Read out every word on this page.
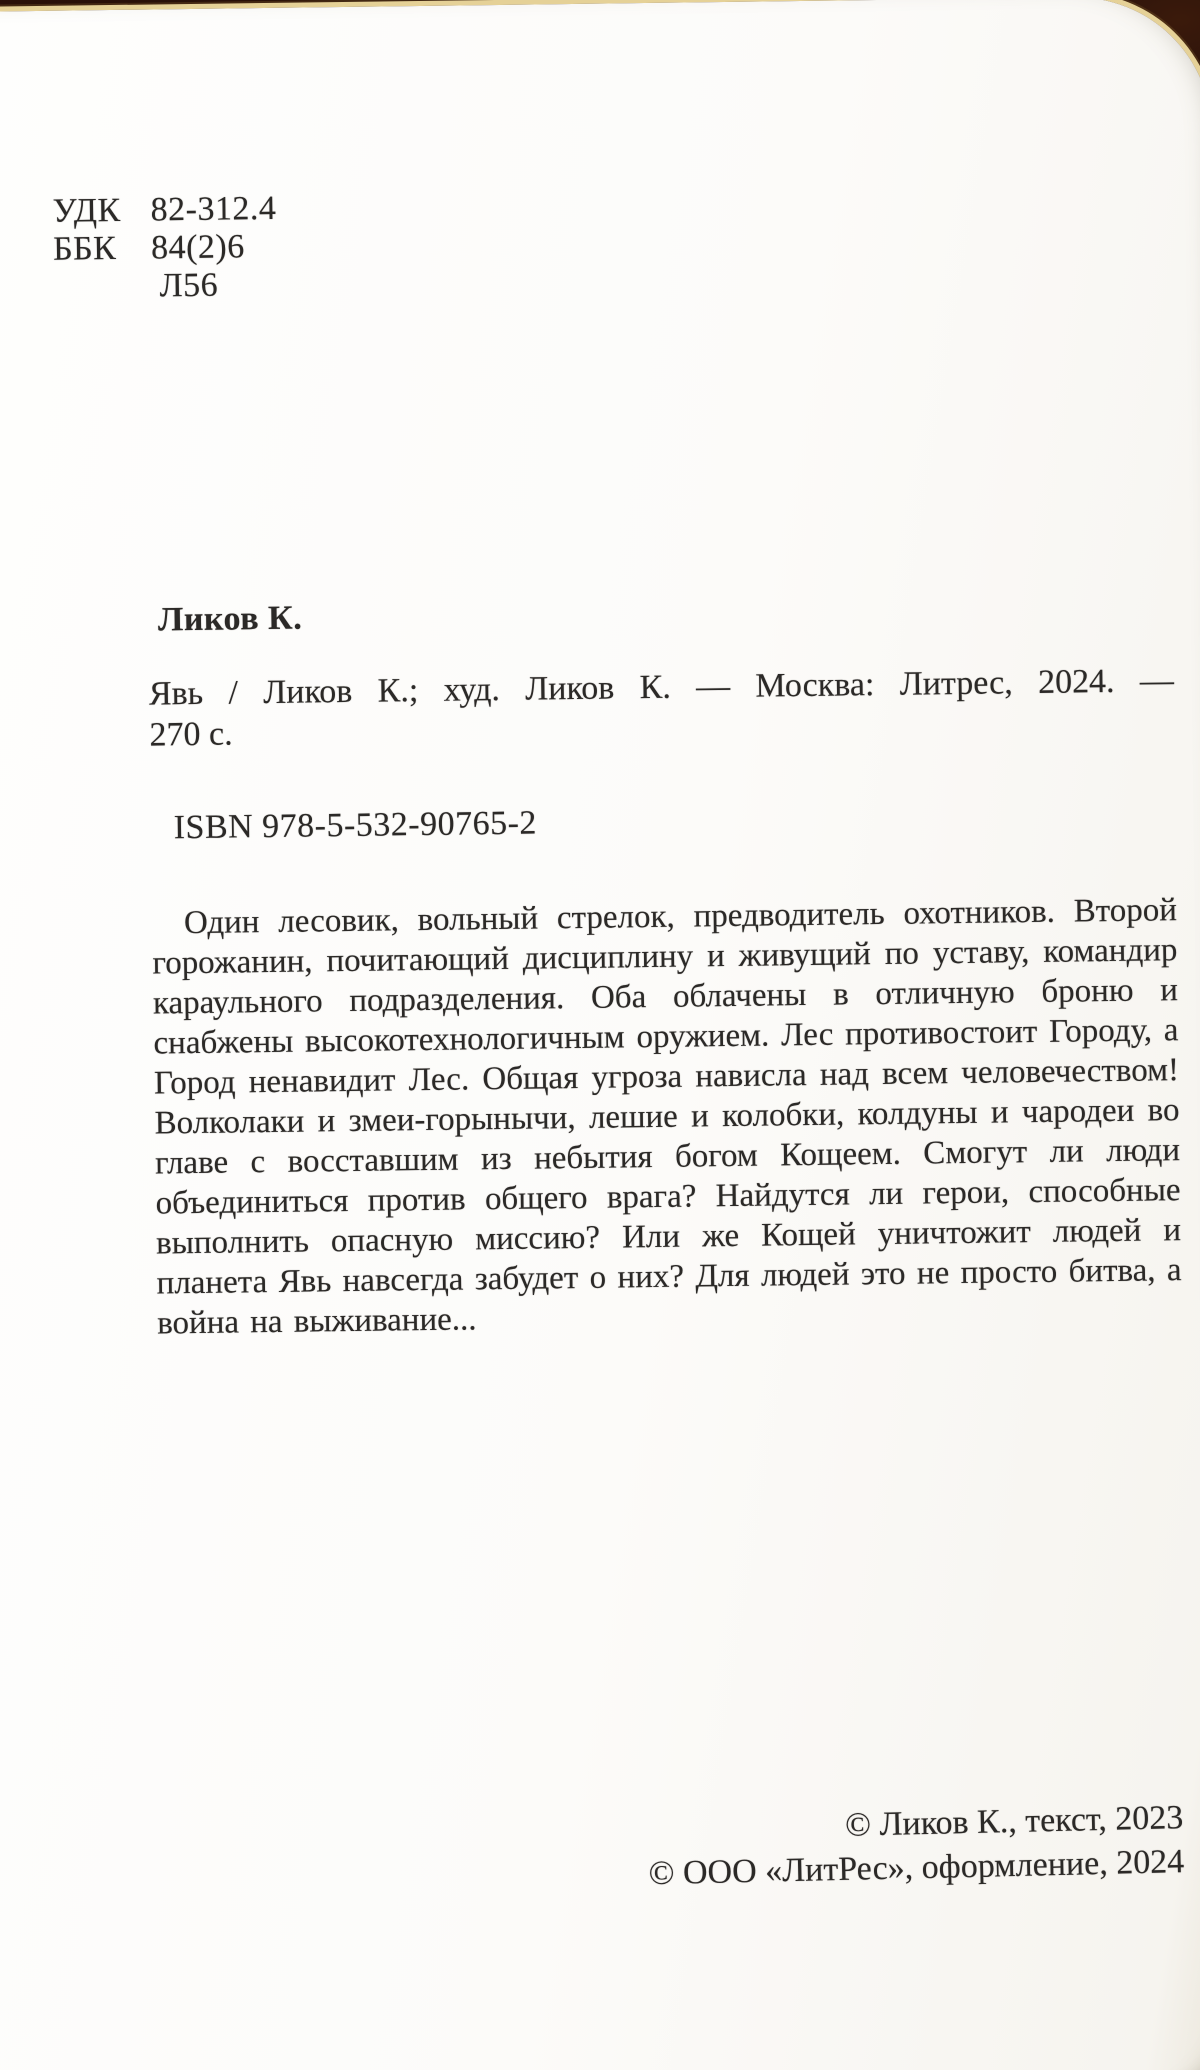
УДК 82-312.4
ББК	84(2)6
Л56
Ликов К.
Явь / Ликов К.; худ. Ликов К. — Москва: Литрес, 2024. —
270 с.
ISBN 978-5-532-90765-2

Один лесовик, вольный стрелок, предводитель охотников. Второй горожанин, почитающий дисциплину и живущий по уставу, командир караульного подразделения. Оба облачены в отличную броню и снабжены высокотехнологичным оружием. Лес противостоит Городу, а Город ненавидит Лес. Общая угроза нависла над всем человечеством! Волколаки и змеи-горынычи, лешие и колобки, колдуны и чародеи во главе с восставшим из небытия богом Кощеем. Смогут ли люди объединиться против общего врага? Найдутся ли герои, способные выполнить опасную миссию? Или же Кощей уничтожит людей и планета Явь навсегда забудет о них? Для людей это не просто битва, а война на выживание...

© Ликов К., текст, 2023
© ООО «ЛитРес», оформление, 2024
